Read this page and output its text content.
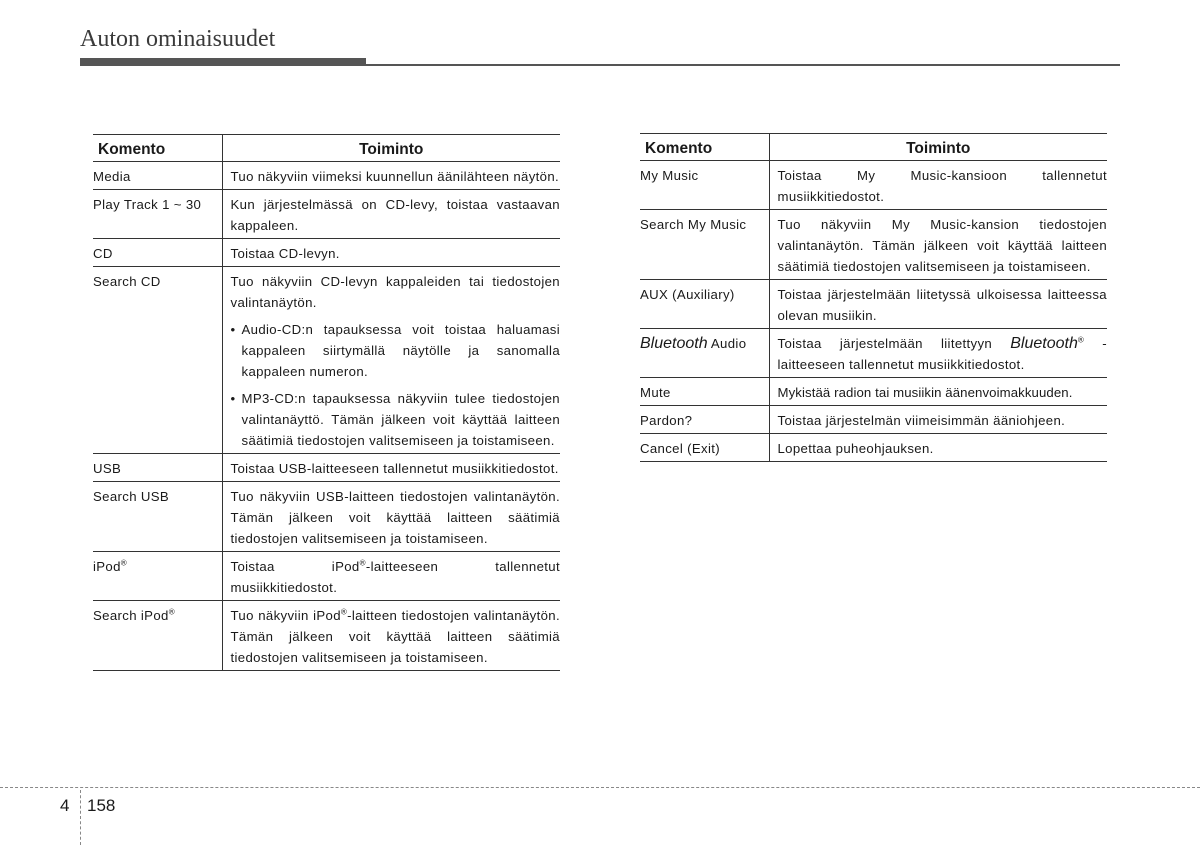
Auton ominaisuudet
Komento	Toiminto
Media	Tuo näkyviin viimeksi kuunnellun äänilähteen näytön.
Play Track 1 ~ 30	Kun järjestelmässä on CD-levy, toistaa vastaavan kappaleen.
CD	Toistaa CD-levyn.
Search CD	Tuo näkyviin CD-levyn kappaleiden tai tiedostojen valintanäytön.
• Audio-CD:n tapauksessa voit toistaa haluamasi kappaleen siirtymällä näytölle ja sanomalla kappaleen numeron.
• MP3-CD:n tapauksessa näkyviin tulee tiedostojen valintanäyttö. Tämän jälkeen voit käyttää laitteen säätimiä tiedostojen valitsemiseen ja toistamiseen.

USB	Toistaa USB-laitteeseen tallennetut musiikkitiedostot.
Search USB	Tuo näkyviin USB-laitteen tiedostojen valintanäytön. Tämän jälkeen voit käyttää laitteen säätimiä tiedostojen valitsemiseen ja toistamiseen.
iPod®	Toistaa iPod®-laitteeseen tallennetut musiikkitiedostot.
Search iPod®	Tuo näkyviin iPod®-laitteen tiedostojen valintanäytön. Tämän jälkeen voit käyttää laitteen säätimiä tiedostojen valitsemiseen ja toistamiseen.
Komento	Toiminto
My Music	Toistaa My Music-kansioon tallennetut musiikkitiedostot.
Search My Music	Tuo näkyviin My Music-kansion tiedostojen valintanäytön. Tämän jälkeen voit käyttää laitteen säätimiä tiedostojen valitsemiseen ja toistamiseen.
AUX (Auxiliary)	Toistaa järjestelmään liitetyssä ulkoisessa laitteessa olevan musiikin.
Bluetooth Audio	Toistaa järjestelmään liitettyyn Bluetooth® -laitteeseen tallennetut musiikkitiedostot.
Mute	Mykistää radion tai musiikin äänenvoimakkuuden.
Pardon?	Toistaa järjestelmän viimeisimmän ääniohjeen.
Cancel (Exit)	Lopettaa puheohjauksen.
4 158
